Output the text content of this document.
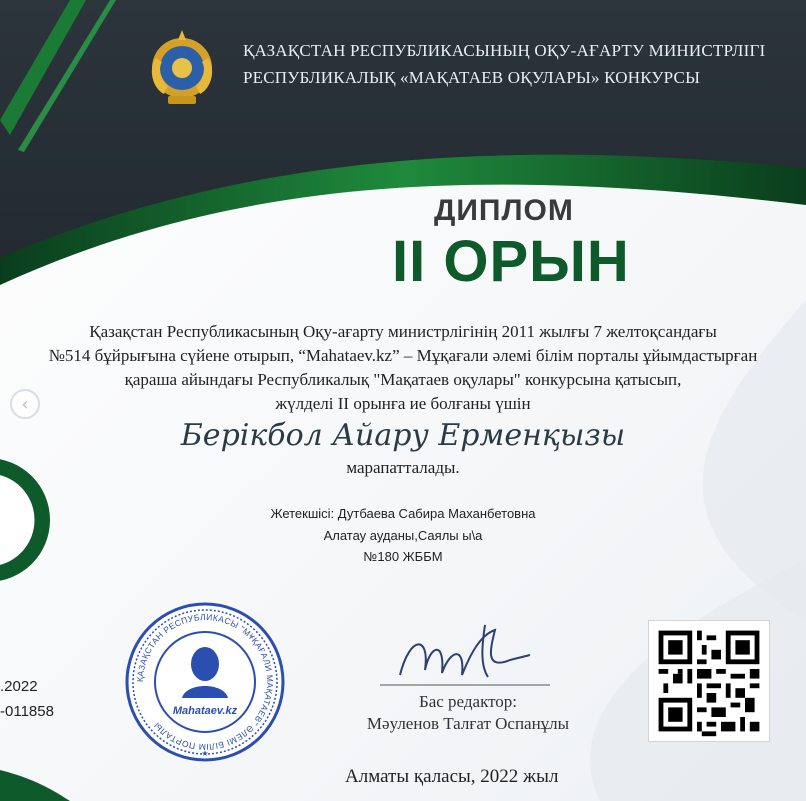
‹
ҚАЗАҚСТАН РЕСПУБЛИКАСЫНЫҢ ОҚУ-АҒАРТУ МИНИСТРЛІГІ
РЕСПУБЛИКАЛЫҚ «МАҚАТАЕВ ОҚУЛАРЫ» КОНКУРСЫ
ДИПЛОМ
II ОРЫН
Қазақстан Республикасының Оқу-ағарту министрлігінің 2011 жылғы 7 желтоқсандағы
№514 бұйрығына сүйене отырып, “Mahataev.kz” – Мұқағали әлемі білім порталы ұйымдастырған
қараша айындағы Республикалық "Мақатаев оқулары" конкурсына қатысып,
жүлделі ІІ орынға ие болғаны үшін
Берікбол Айару Ерменқызы
марапатталады.
Жетекшісі: Дутбаева Сабира Маханбетовна
Алатау ауданы,Саялы ы\а
№180 ЖББМ
.2022
-011858
ҚАЗАҚСТАН РЕСПУБЛИКАСЫ "МҰҚАҒАЛИ МАҚАТАЕВ" ӘЛЕМІ БІЛІМ ПОРТАЛЫ
Mahataev.kz
★
Бас редактор:
Мәуленов Талғат Оспанұлы
Алматы қаласы, 2022 жыл
